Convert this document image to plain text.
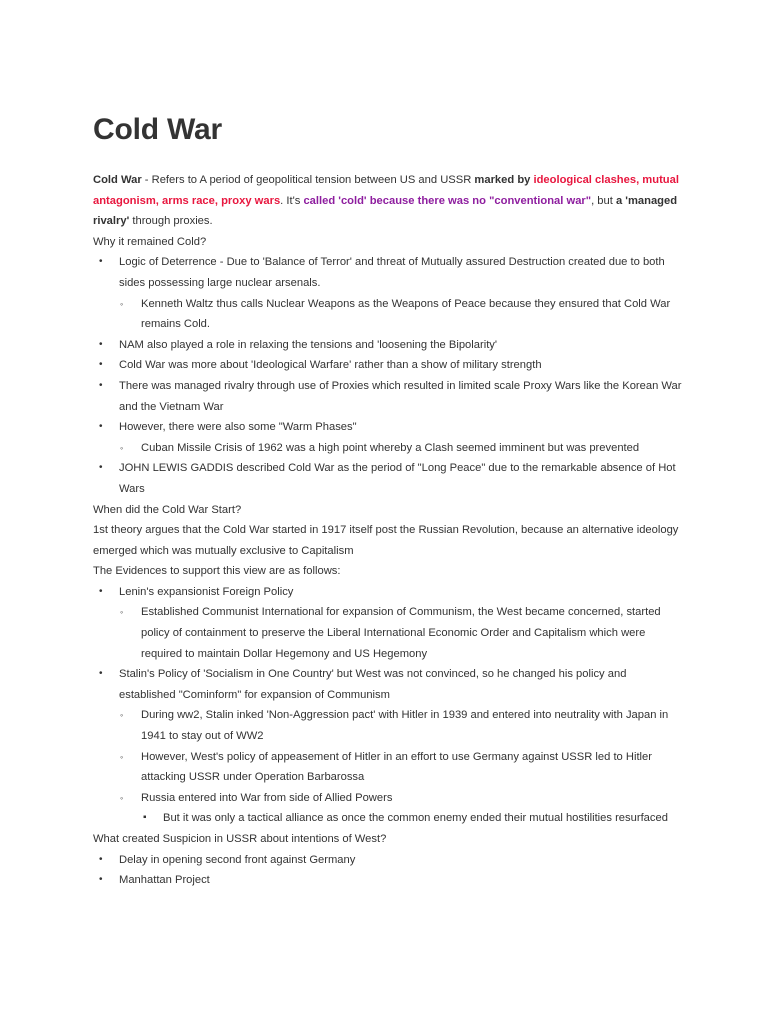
Cold War

Cold War - Refers to A period of geopolitical tension between US and USSR marked by ideological clashes, mutual antagonism, arms race, proxy wars. It's called 'cold' because there was no "conventional war", but a 'managed rivalry' through proxies.

Why it remained Cold?

• Logic of Deterrence - Due to 'Balance of Terror' and threat of Mutually assured Destruction created due to both sides possessing large nuclear arsenals.
◦ Kenneth Waltz thus calls Nuclear Weapons as the Weapons of Peace because they ensured that Cold War remains Cold.
• NAM also played a role in relaxing the tensions and 'loosening the Bipolarity'
• Cold War was more about 'Ideological Warfare' rather than a show of military strength
• There was managed rivalry through use of Proxies which resulted in limited scale Proxy Wars like the Korean War and the Vietnam War
• However, there were also some "Warm Phases"
◦ Cuban Missile Crisis of 1962 was a high point whereby a Clash seemed imminent but was prevented
• JOHN LEWIS GADDIS described Cold War as the period of "Long Peace" due to the remarkable absence of Hot Wars

When did the Cold War Start?

1st theory argues that the Cold War started in 1917 itself post the Russian Revolution, because an alternative ideology emerged which was mutually exclusive to Capitalism

The Evidences to support this view are as follows:

• Lenin's expansionist Foreign Policy
◦ Established Communist International for expansion of Communism, the West became concerned, started policy of containment to preserve the Liberal International Economic Order and Capitalism which were required to maintain Dollar Hegemony and US Hegemony
• Stalin's Policy of 'Socialism in One Country' but West was not convinced, so he changed his policy and established "Cominform" for expansion of Communism
◦ During ww2, Stalin inked 'Non-Aggression pact' with Hitler in 1939 and entered into neutrality with Japan in 1941 to stay out of WW2
◦ However, West's policy of appeasement of Hitler in an effort to use Germany against USSR led to Hitler attacking USSR under Operation Barbarossa
◦ Russia entered into War from side of Allied Powers
▪ But it was only a tactical alliance as once the common enemy ended their mutual hostilities resurfaced

What created Suspicion in USSR about intentions of West?

• Delay in opening second front against Germany
• Manhattan Project
